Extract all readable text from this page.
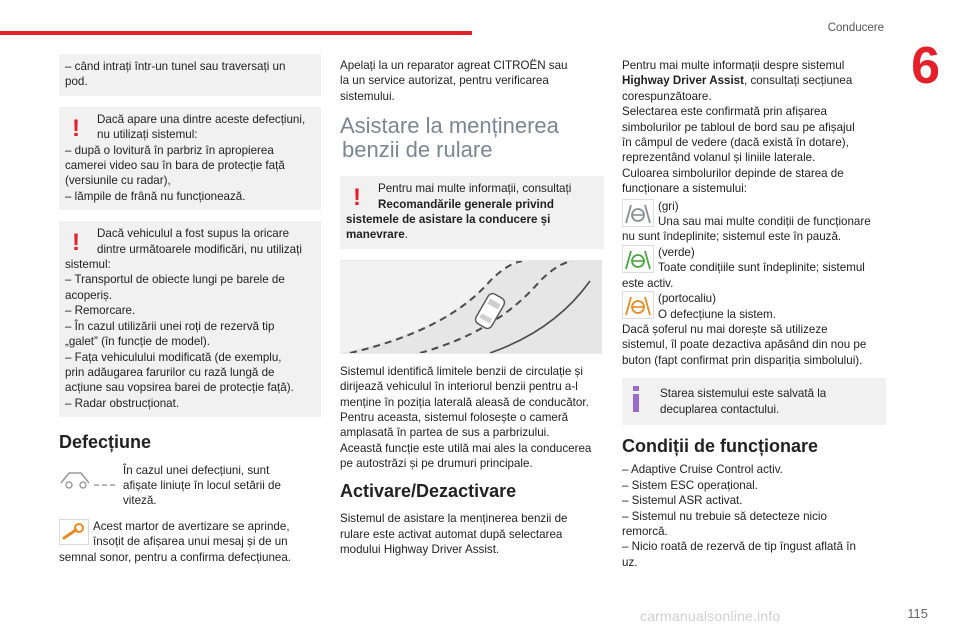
Conducere
6
– când intrați într-un tunel sau traversați un
pod.
!	Dacă apare una dintre aceste defecțiuni,
nu utilizați sistemul:
– după o lovitură în parbriz în apropierea
camerei video sau în bara de protecție față
(versiunile cu radar),
– lămpile de frână nu funcționează.
!	Dacă vehiculul a fost supus la oricare
dintre următoarele modificări, nu utilizați
sistemul:
– Transportul de obiecte lungi pe barele de
acoperiș.
– Remorcare.
– În cazul utilizării unei roți de rezervă tip
„galet” (în funcție de model).
– Fața vehiculului modificată (de exemplu,
prin adăugarea farurilor cu rază lungă de
acțiune sau vopsirea barei de protecție față).
– Radar obstrucționat.
Defecțiune
În cazul unei defecțiuni, sunt
afișate liniuțe în locul setării de
viteză.
Acest martor de avertizare se aprinde,
însoțit de afișarea unui mesaj și de un
semnal sonor, pentru a confirma defecțiunea.
Apelați la un reparator agreat CITROËN sau
la un service autorizat, pentru verificarea
sistemului.
Asistare la menținerea
benzii de rulare
!	Pentru mai multe informații, consultați
Recomandările generale privind
sistemele de asistare la conducere și
manevrare.
Sistemul identifică limitele benzii de circulație și
dirijează vehiculul în interiorul benzii pentru a-l
menține în poziția laterală aleasă de conducător.
Pentru aceasta, sistemul folosește o cameră
amplasată în partea de sus a parbrizului.
Această funcție este utilă mai ales la conducerea
pe autostrăzi și pe drumuri principale.
Activare/Dezactivare
Sistemul de asistare la menținerea benzii de
rulare este activat automat după selectarea
modului Highway Driver Assist.
Pentru mai multe informații despre sistemul
Highway Driver Assist, consultați secțiunea
corespunzătoare.
Selectarea este confirmată prin afișarea
simbolurilor pe tabloul de bord sau pe afișajul
în câmpul de vedere (dacă există în dotare),
reprezentând volanul și liniile laterale.
Culoarea simbolurilor depinde de starea de
funcționare a sistemului:
(gri)
Una sau mai multe condiții de funcționare
nu sunt îndeplinite; sistemul este în pauză.
(verde)
Toate condițiile sunt îndeplinite; sistemul
este activ.
(portocaliu)
O defecțiune la sistem.
Dacă șoferul nu mai dorește să utilizeze
sistemul, îl poate dezactiva apăsând din nou pe
buton (fapt confirmat prin dispariția simbolului).
Starea sistemului este salvată la
decuplarea contactului.
Condiții de funcționare
– Adaptive Cruise Control activ.
– Sistem ESC operațional.
– Sistemul ASR activat.
– Sistemul nu trebuie să detecteze nicio
remorcă.
– Nicio roată de rezervă de tip îngust aflată în
uz.
carmanualsonline.info	115
